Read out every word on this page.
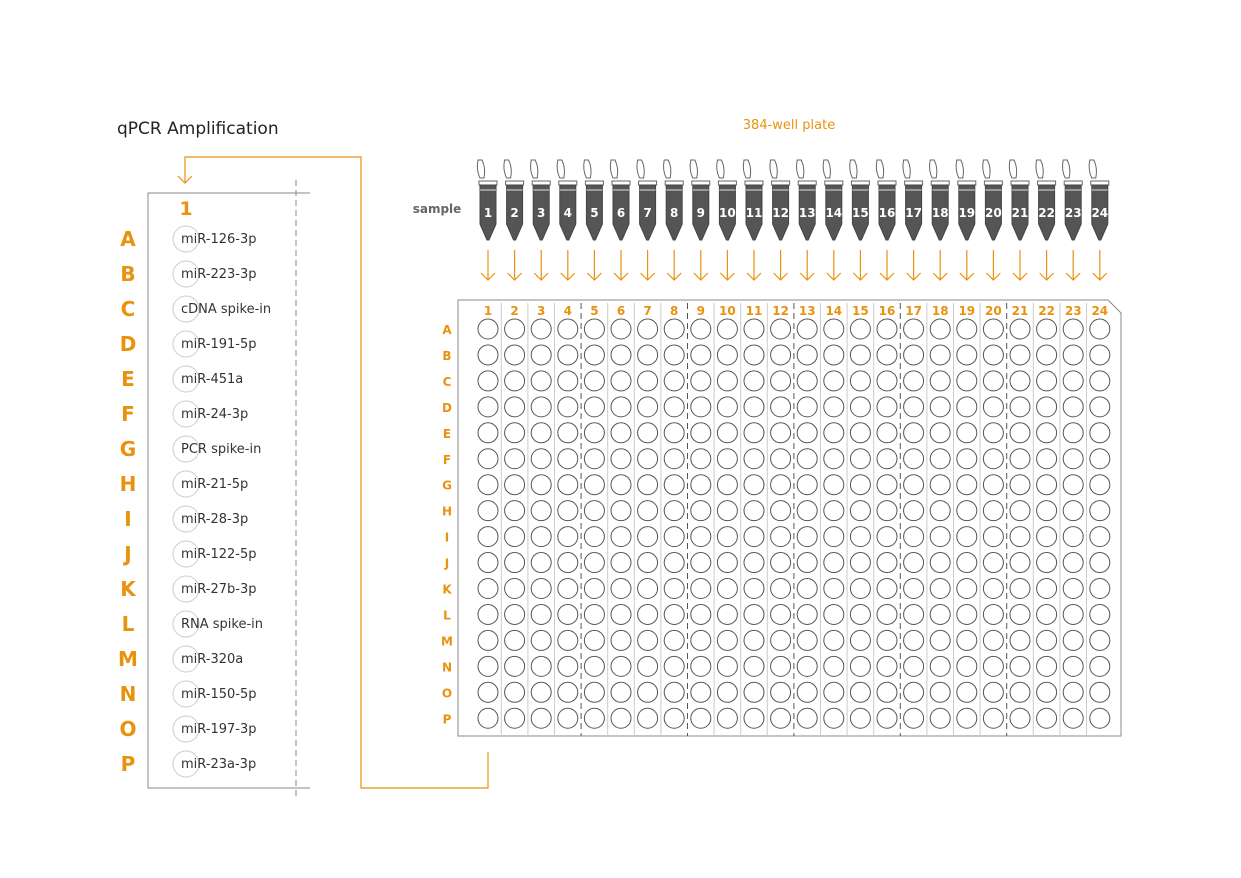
qPCR Amplification	384-well plate
sample
1
A	miR-126-3p
B	miR-223-3p
C	cDNA spike-in
D	miR-191-5p
E	miR-451a
F	miR-24-3p
G	PCR spike-in
H	miR-21-5p
I	miR-28-3p
J	miR-122-5p
K	miR-27b-3p
L	RNA spike-in
M	miR-320a
N	miR-150-5p
O	miR-197-3p
P	miR-23a-3p
1 2 3 4 5 6 7 8 9 10 11 12 13 14 15 16 17 18 19 20 21 22 23 24
1 2 3 4 5 6 7 8 9 10 11 12 13 14 15 16 17 18 19 20 21 22 23 24
A
B
C
D
E
F
G
H
I
J
K
L
M
N
O
P
